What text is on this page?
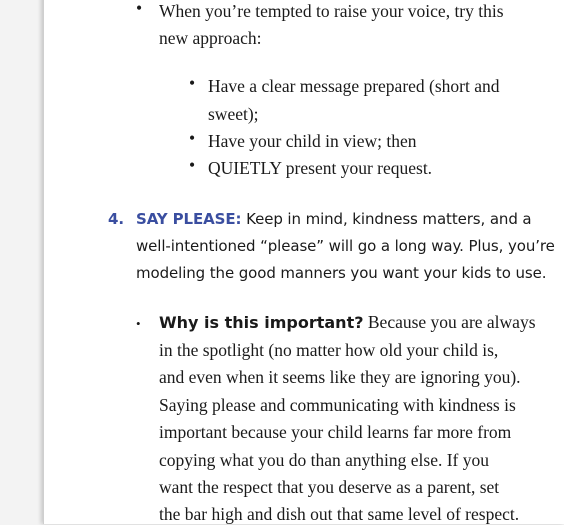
• When you’re tempted to raise your voice, try this
new approach:
• Have a clear message prepared (short and
sweet);
• Have your child in view; then
• QUIETLY present your request.
4. SAY PLEASE: Keep in mind, kindness matters, and a
well-intentioned “please” will go a long way. Plus, you’re
modeling the good manners you want your kids to use.
• Why is this important? Because you are always
in the spotlight (no matter how old your child is,
and even when it seems like they are ignoring you).
Saying please and communicating with kindness is
important because your child learns far more from
copying what you do than anything else. If you
want the respect that you deserve as a parent, set
the bar high and dish out that same level of respect.
